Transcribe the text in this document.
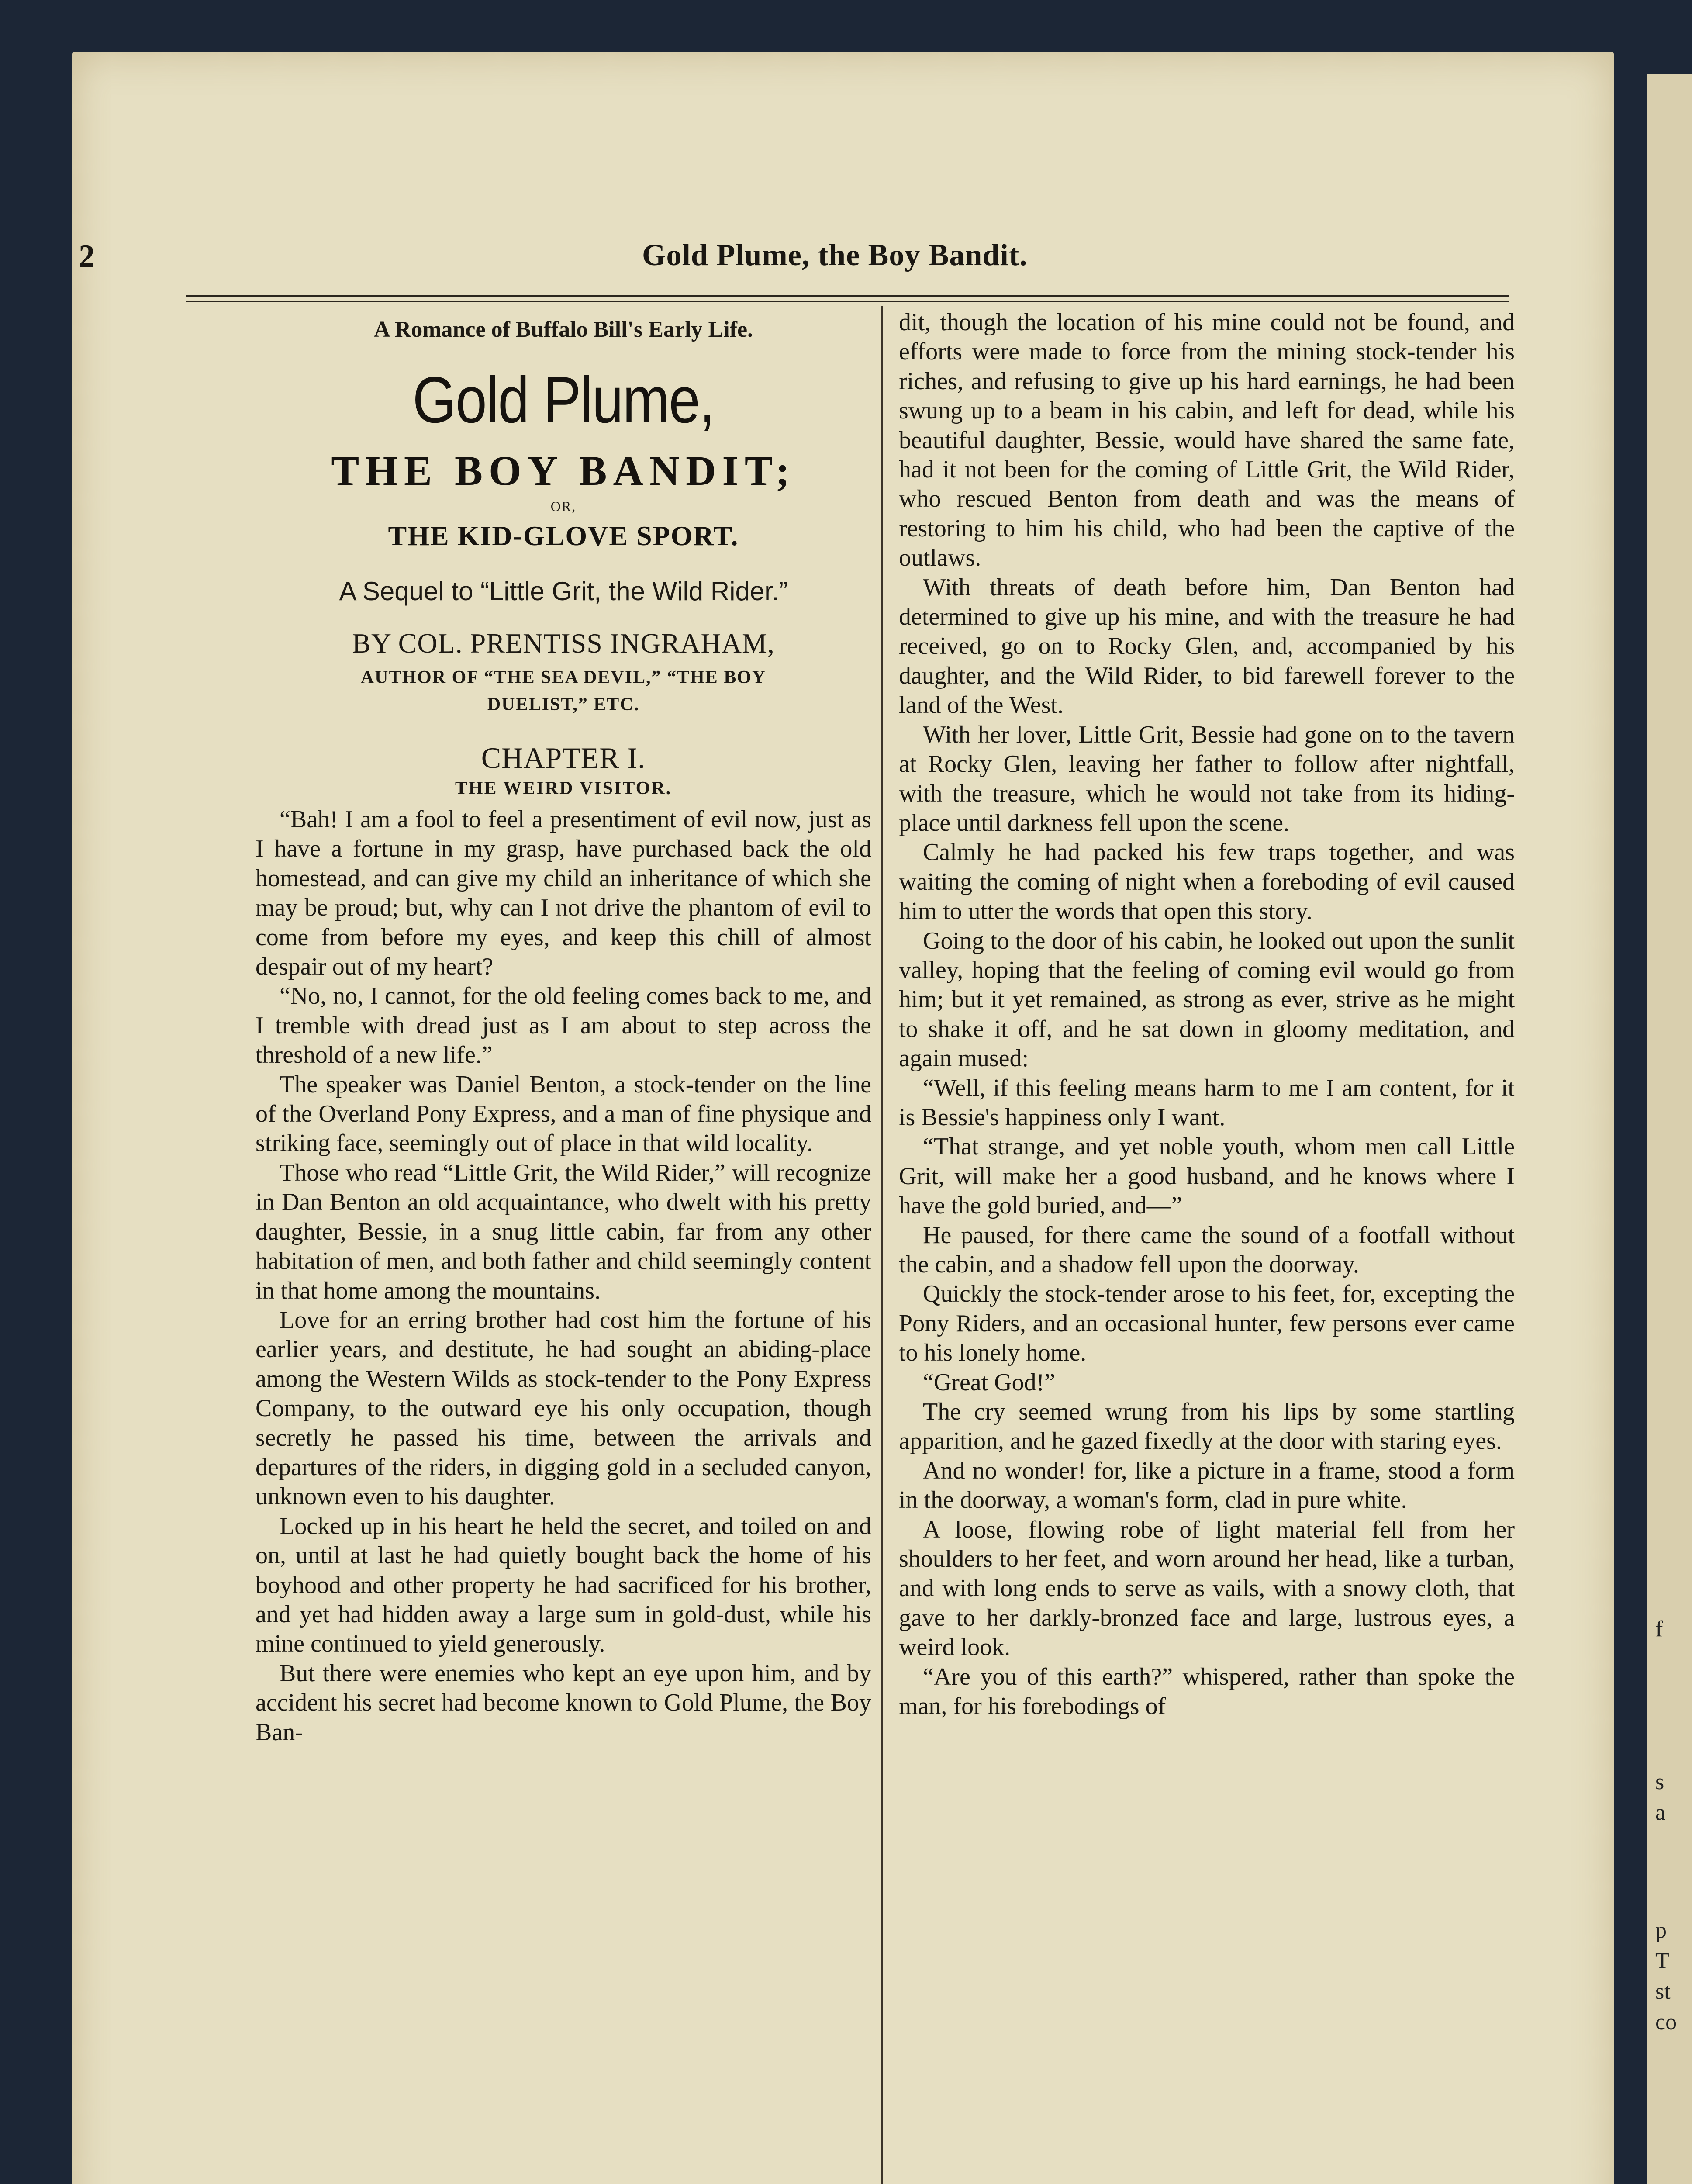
f
s
a
p
T
st
co
2	Gold Plume, the Boy Bandit.
A Romance of Buffalo Bill's Early Life.
Gold Plume,
THE BOY BANDIT;
OR,
THE KID-GLOVE SPORT.
A Sequel to “Little Grit, the Wild Rider.”
BY COL. PRENTISS INGRAHAM,
AUTHOR OF “THE SEA DEVIL,” “THE BOY
DUELIST,” ETC.
CHAPTER I.
THE WEIRD VISITOR.

“Bah! I am a fool to feel a presentiment of evil now, just as I have a fortune in my grasp, have purchased back the old homestead, and can give my child an inheritance of which she may be proud; but, why can I not drive the phantom of evil to come from before my eyes, and keep this chill of almost despair out of my heart?

“No, no, I cannot, for the old feeling comes back to me, and I tremble with dread just as I am about to step across the threshold of a new life.”

The speaker was Daniel Benton, a stock-tender on the line of the Overland Pony Express, and a man of fine physique and striking face, seemingly out of place in that wild locality.

Those who read “Little Grit, the Wild Rider,” will recognize in Dan Benton an old acquaintance, who dwelt with his pretty daughter, Bessie, in a snug little cabin, far from any other habitation of men, and both father and child seemingly content in that home among the mountains.

Love for an erring brother had cost him the fortune of his earlier years, and destitute, he had sought an abiding-place among the Western Wilds as stock-tender to the Pony Express Company, to the outward eye his only occupation, though secretly he passed his time, between the arrivals and departures of the riders, in digging gold in a secluded canyon, unknown even to his daughter.

Locked up in his heart he held the secret, and toiled on and on, until at last he had quietly bought back the home of his boyhood and other property he had sacrificed for his brother, and yet had hidden away a large sum in gold-dust, while his mine continued to yield generously.

But there were enemies who kept an eye upon him, and by accident his secret had become known to Gold Plume, the Boy Ban-

dit, though the location of his mine could not be found, and efforts were made to force from the mining stock-tender his riches, and refusing to give up his hard earnings, he had been swung up to a beam in his cabin, and left for dead, while his beautiful daughter, Bessie, would have shared the same fate, had it not been for the coming of Little Grit, the Wild Rider, who rescued Benton from death and was the means of restoring to him his child, who had been the captive of the outlaws.

With threats of death before him, Dan Benton had determined to give up his mine, and with the treasure he had received, go on to Rocky Glen, and, accompanied by his daughter, and the Wild Rider, to bid farewell forever to the land of the West.

With her lover, Little Grit, Bessie had gone on to the tavern at Rocky Glen, leaving her father to follow after nightfall, with the treasure, which he would not take from its hiding-place until darkness fell upon the scene.

Calmly he had packed his few traps together, and was waiting the coming of night when a foreboding of evil caused him to utter the words that open this story.

Going to the door of his cabin, he looked out upon the sunlit valley, hoping that the feeling of coming evil would go from him; but it yet remained, as strong as ever, strive as he might to shake it off, and he sat down in gloomy meditation, and again mused:

“Well, if this feeling means harm to me I am content, for it is Bessie's happiness only I want.

“That strange, and yet noble youth, whom men call Little Grit, will make her a good husband, and he knows where I have the gold buried, and—”

He paused, for there came the sound of a footfall without the cabin, and a shadow fell upon the doorway.

Quickly the stock-tender arose to his feet, for, excepting the Pony Riders, and an occasional hunter, few persons ever came to his lonely home.

“Great God!”

The cry seemed wrung from his lips by some startling apparition, and he gazed fixedly at the door with staring eyes.

And no wonder! for, like a picture in a frame, stood a form in the doorway, a woman's form, clad in pure white.

A loose, flowing robe of light material fell from her shoulders to her feet, and worn around her head, like a turban, and with long ends to serve as vails, with a snowy cloth, that gave to her darkly-bronzed face and large, lustrous eyes, a weird look.

“Are you of this earth?” whispered, rather than spoke the man, for his forebodings of
